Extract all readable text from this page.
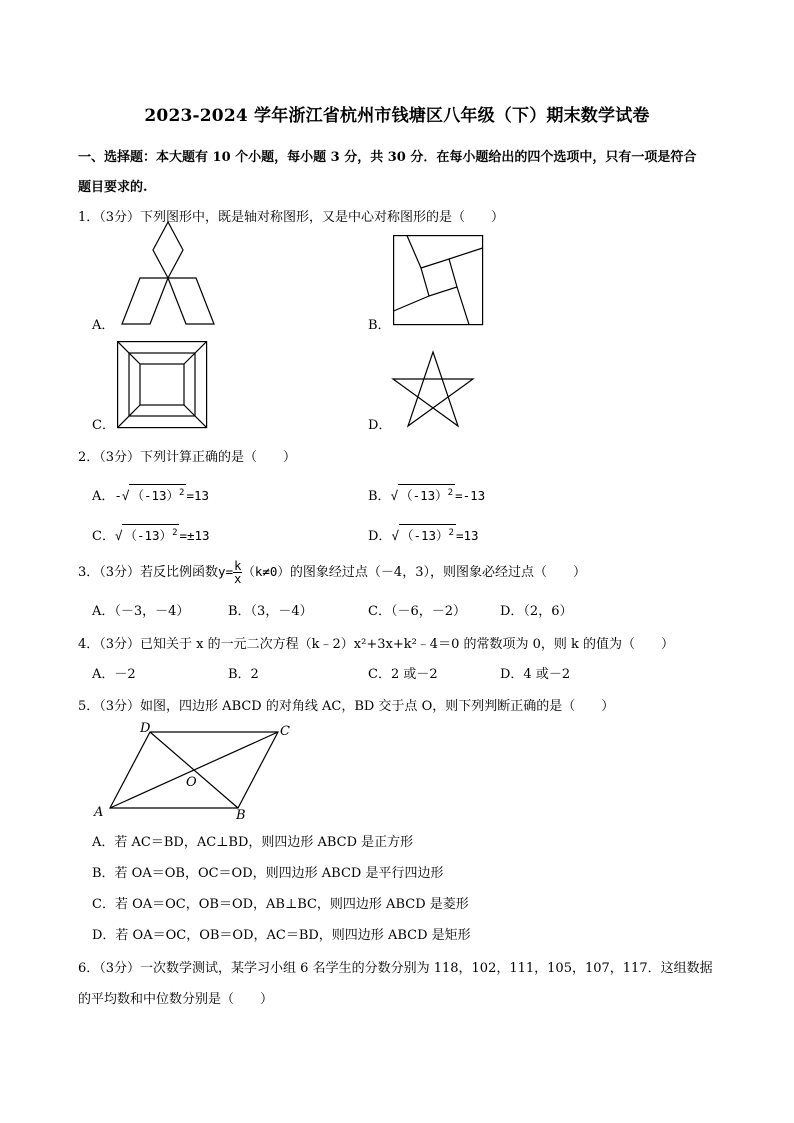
2023-2024 学年浙江省杭州市钱塘区八年级（下）期末数学试卷
一、选择题：本大题有 10 个小题，每小题 3 分，共 30 分．在每小题给出的四个选项中，只有一项是符合
题目要求的.
1．（3分）下列图形中，既是轴对称图形，又是中心对称图形的是（　　）
A．	B．
C．	D．
2．（3分）下列计算正确的是（　　）
A．-√ $(-13)^2 =13$	B．√ $(-13)^2 =-13$
C．√ $(-13)^2 =\pm 13$	D．√ $(-13)^2 =13$
3．（3分）若反比例函数$y= \frac{k}{x} (k\ne 0)$的图象经过点（－4，3），则图象必经过点（　　）
A．（－3，－4）	B．（3，－4）	C．（－6，－2）	D．（2，6）
4．（3分）已知关于 x 的一元二次方程（k﹣2）x²+3x+k²﹣4＝0 的常数项为 0，则 k 的值为（　　）
A．－2	B．2	C．2 或－2	D．4 或－2
5．（3分）如图，四边形 ABCD 的对角线 AC，BD 交于点 O，则下列判断正确的是（　　）
A	B
C
D
O
A．若 AC＝BD，AC⊥BD，则四边形 ABCD 是正方形
B．若 OA＝OB，OC＝OD，则四边形 ABCD 是平行四边形
C．若 OA＝OC，OB＝OD，AB⊥BC，则四边形 ABCD 是菱形
D．若 OA＝OC，OB＝OD，AC＝BD，则四边形 ABCD 是矩形
6．（3分）一次数学测试，某学习小组 6 名学生的分数分别为 118，102，111，105，107，117．这组数据
的平均数和中位数分别是（　　）
